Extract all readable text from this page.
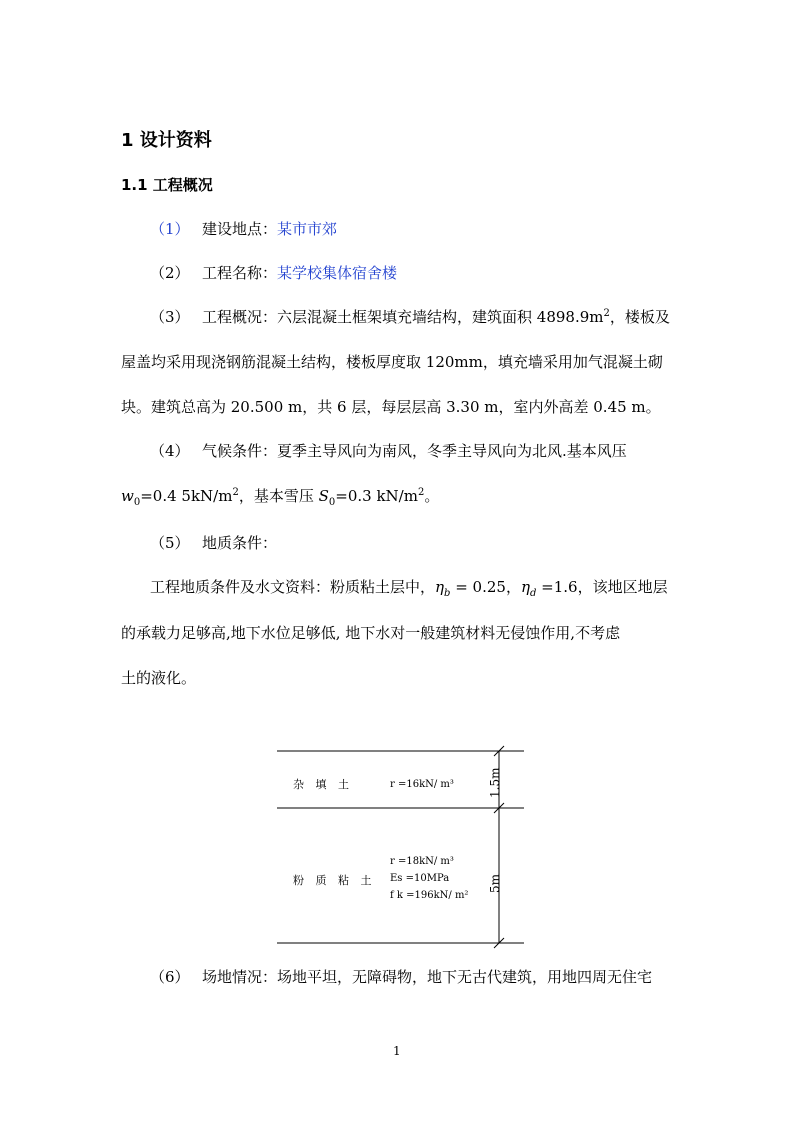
1 设计资料
1.1 工程概况
（1） 建设地点：某市市郊
（2） 工程名称：某学校集体宿舍楼
（3） 工程概况：六层混凝土框架填充墙结构，建筑面积 $4898.9m^2$，楼板及
屋盖均采用现浇钢筋混凝土结构，楼板厚度取 120mm，填充墙采用加气混凝土砌
块。建筑总高为 20.500 m，共 6 层，每层层高 3.30 m，室内外高差 0.45 m。
（4） 气候条件：夏季主导风向为南风，冬季主导风向为北风.基本风压
$w_0=0.4$ $5kN/m^2$，基本雪压 $S_0=0.3$ $kN/m^2$。
（5） 地质条件：
工程地质条件及水文资料：粉质粘土层中，$\eta_b = 0.25$，$\eta_d =1.6$，该地区地层
的承载力足够高,地下水位足够低, 地下水对一般建筑材料无侵蚀作用,不考虑
土的液化。
杂 填 土	r =16kN/ m³	1.5m
粉 质 粘 土
r =18kN/ m³
Es =10MPa
f k =196kN/ m²
5m
（6） 场地情况：场地平坦，无障碍物，地下无古代建筑，用地四周无住宅
1
